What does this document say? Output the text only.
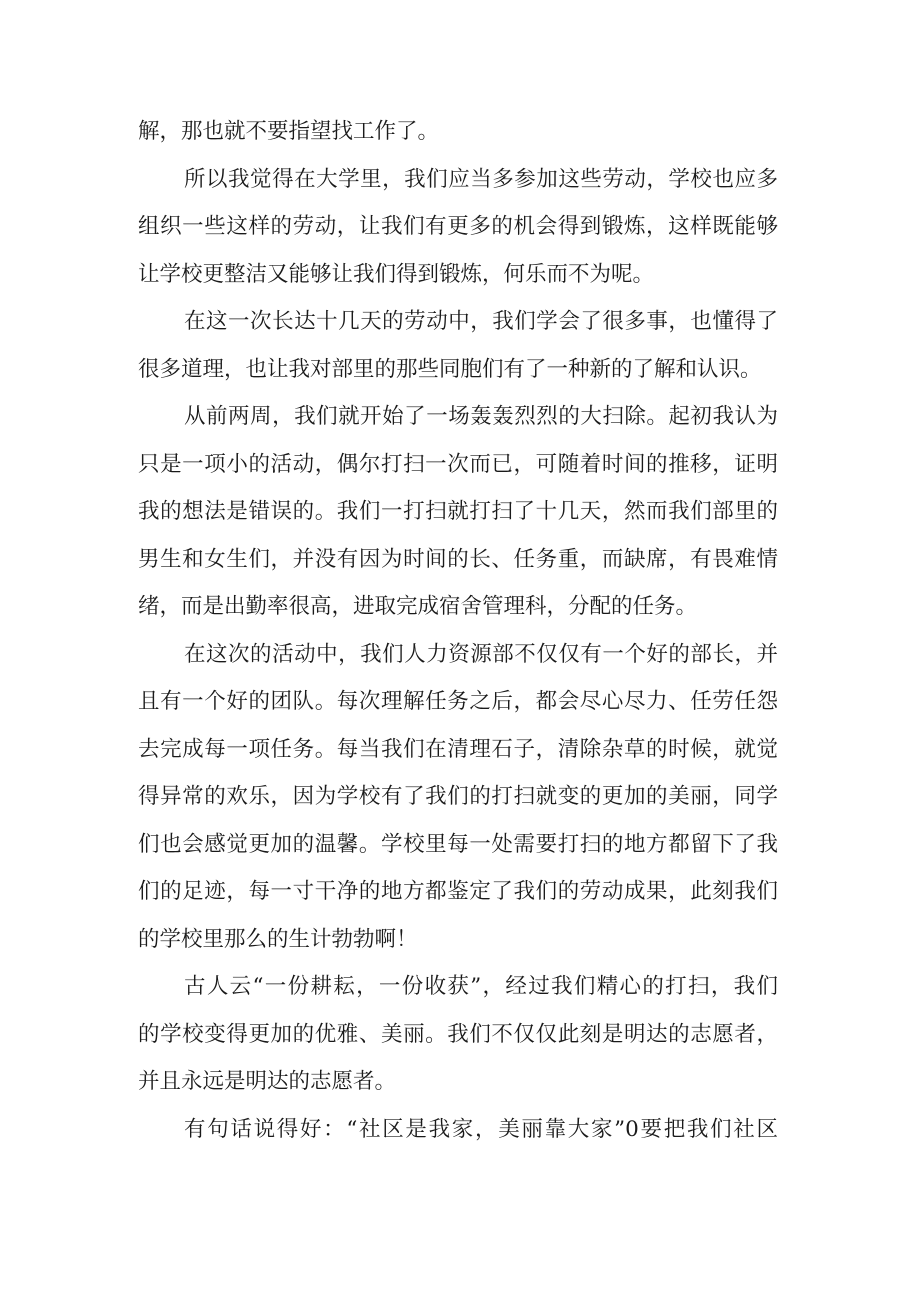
解，那也就不要指望找工作了。
所以我觉得在大学里，我们应当多参加这些劳动，学校也应多
组织一些这样的劳动，让我们有更多的机会得到锻炼，这样既能够
让学校更整洁又能够让我们得到锻炼，何乐而不为呢。
在这一次长达十几天的劳动中，我们学会了很多事，也懂得了
很多道理，也让我对部里的那些同胞们有了一种新的了解和认识。
从前两周，我们就开始了一场轰轰烈烈的大扫除。起初我认为
只是一项小的活动，偶尔打扫一次而已，可随着时间的推移，证明
我的想法是错误的。我们一打扫就打扫了十几天，然而我们部里的
男生和女生们，并没有因为时间的长、任务重，而缺席，有畏难情
绪，而是出勤率很高，进取完成宿舍管理科，分配的任务。
在这次的活动中，我们人力资源部不仅仅有一个好的部长，并
且有一个好的团队。每次理解任务之后，都会尽心尽力、任劳任怨
去完成每一项任务。每当我们在清理石子，清除杂草的时候，就觉
得异常的欢乐，因为学校有了我们的打扫就变的更加的美丽，同学
们也会感觉更加的温馨。学校里每一处需要打扫的地方都留下了我
们的足迹，每一寸干净的地方都鉴定了我们的劳动成果，此刻我们
的学校里那么的生计勃勃啊！
古人云“一份耕耘，一份收获”，经过我们精心的打扫，我们
的学校变得更加的优雅、美丽。我们不仅仅此刻是明达的志愿者，
并且永远是明达的志愿者。
有句话说得好：“社区是我家，美丽靠大家”0要把我们社区
